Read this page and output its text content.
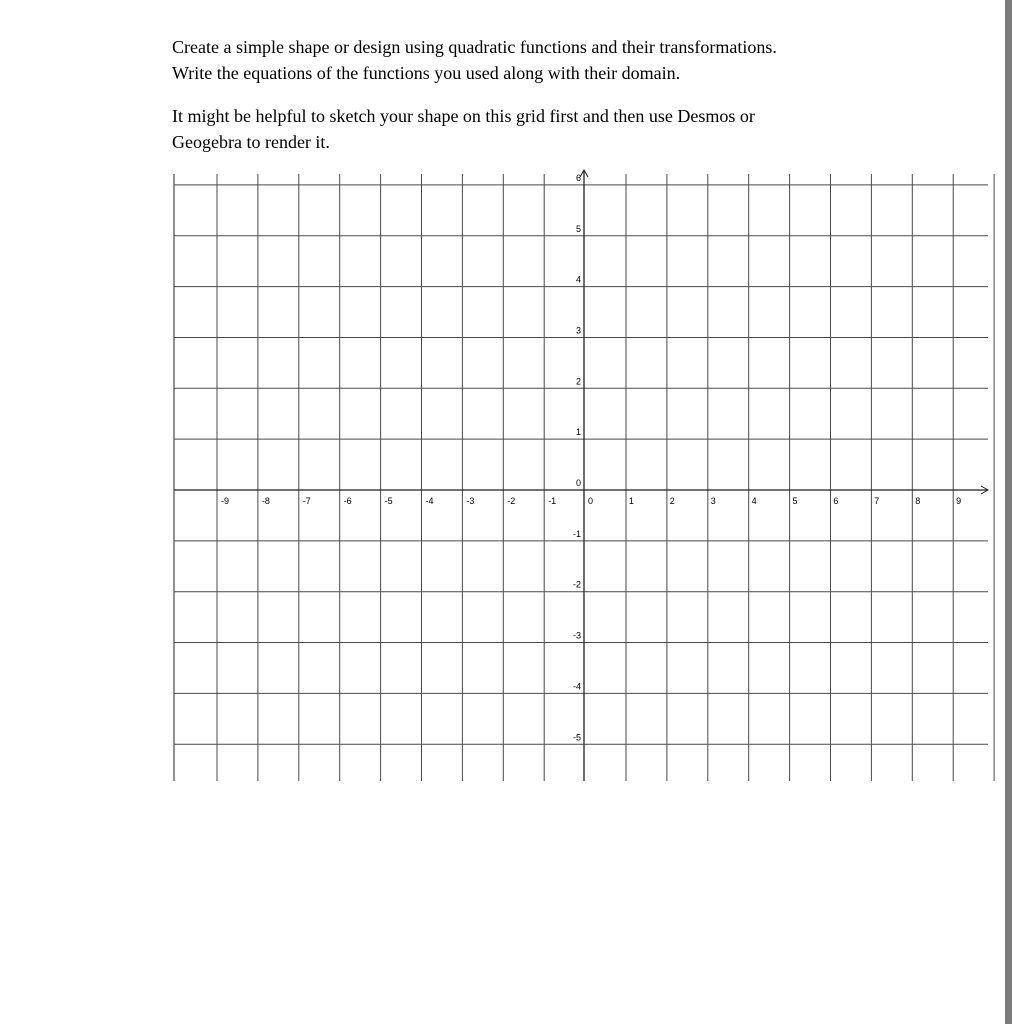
Create a simple shape or design using quadratic functions and their transformations.
Write the equations of the functions you used along with their domain.
It might be helpful to sketch your shape on this grid first and then use Desmos or
Geogebra to render it.
-9	-8	-7	-6	-5	-4	-3	-2	-1	0	1	2	3	4	5	6	7	8	9
6
5
4
3
2
1
0
-1
-2
-3
-4
-5
